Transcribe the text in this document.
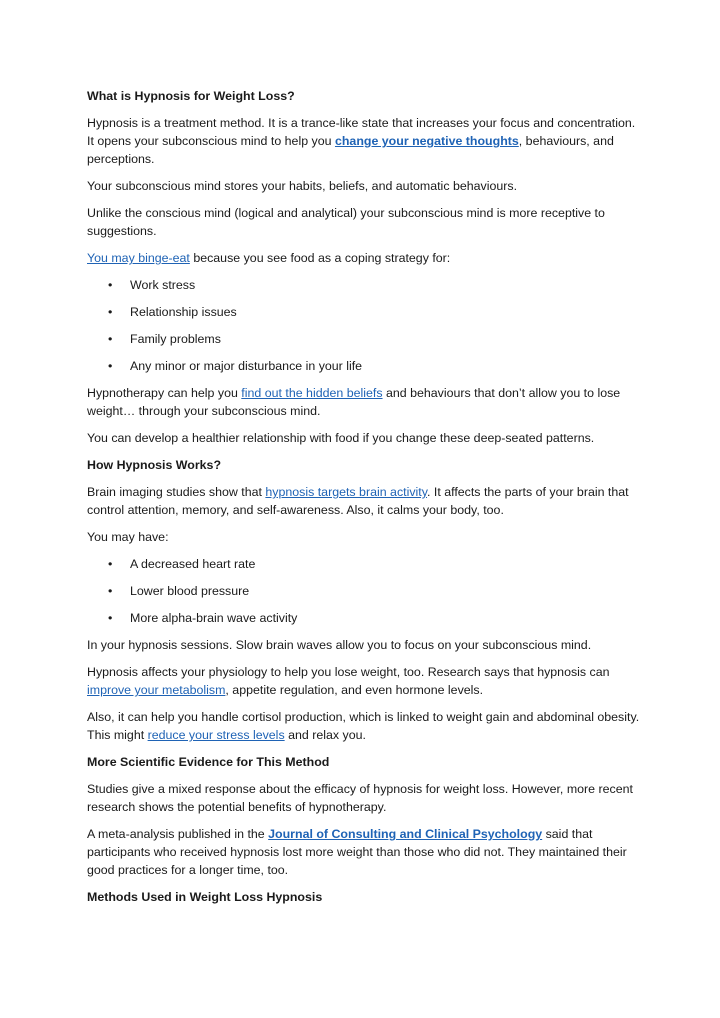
What is Hypnosis for Weight Loss?

Hypnosis is a treatment method. It is a trance-like state that increases your focus and concentration. It opens your subconscious mind to help you change your negative thoughts, behaviours, and perceptions.

Your subconscious mind stores your habits, beliefs, and automatic behaviours.

Unlike the conscious mind (logical and analytical) your subconscious mind is more receptive to suggestions.

You may binge-eat because you see food as a coping strategy for:

• Work stress
• Relationship issues
• Family problems
• Any minor or major disturbance in your life

Hypnotherapy can help you find out the hidden beliefs and behaviours that don’t allow you to lose weight… through your subconscious mind.

You can develop a healthier relationship with food if you change these deep-seated patterns.

How Hypnosis Works?

Brain imaging studies show that hypnosis targets brain activity. It affects the parts of your brain that control attention, memory, and self-awareness. Also, it calms your body, too.

You may have:

• A decreased heart rate
• Lower blood pressure
• More alpha-brain wave activity

In your hypnosis sessions. Slow brain waves allow you to focus on your subconscious mind.

Hypnosis affects your physiology to help you lose weight, too. Research says that hypnosis can improve your metabolism, appetite regulation, and even hormone levels.

Also, it can help you handle cortisol production, which is linked to weight gain and abdominal obesity. This might reduce your stress levels and relax you.

More Scientific Evidence for This Method

Studies give a mixed response about the efficacy of hypnosis for weight loss. However, more recent research shows the potential benefits of hypnotherapy.

A meta-analysis published in the Journal of Consulting and Clinical Psychology said that participants who received hypnosis lost more weight than those who did not. They maintained their good practices for a longer time, too.

Methods Used in Weight Loss Hypnosis
